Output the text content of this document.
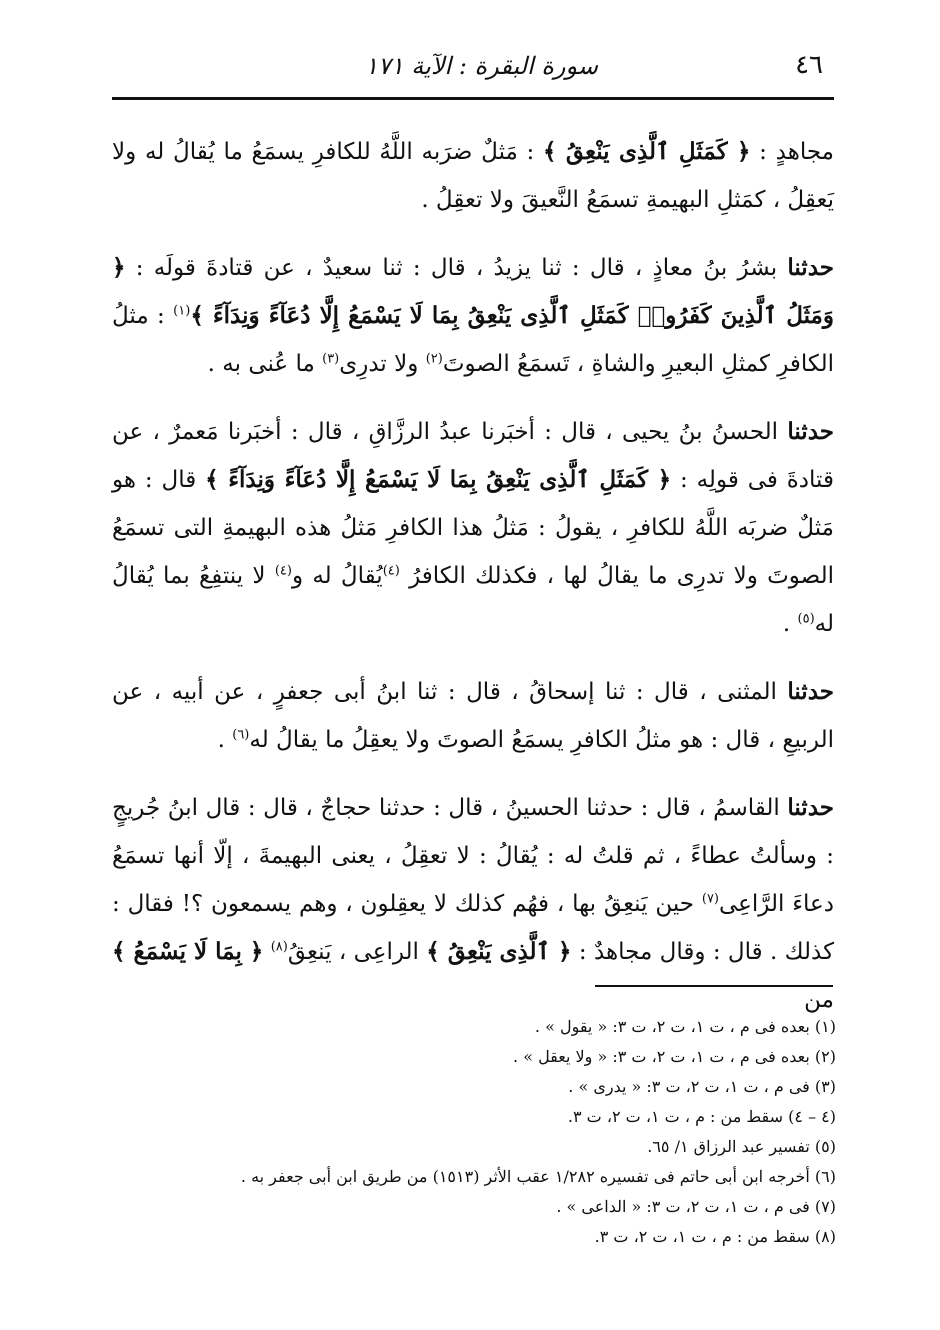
٤٦
سورة البقرة : الآية ١٧١

مجاهدٍ : ﴿ كَمَثَلِ ٱلَّذِى يَنْعِقُ ﴾ : مَثلٌ ضرَبه اللَّهُ للكافرِ يسمَعُ ما يُقالُ له ولا يَعقِلُ ، كمَثلِ البهيمةِ تسمَعُ النَّعيقَ ولا تعقِلُ .

حدثنا بشرُ بنُ معاذٍ ، قال : ثنا يزيدُ ، قال : ثنا سعيدٌ ، عن قتادةَ قولَه : ﴿ وَمَثَلُ ٱلَّذِينَ كَفَرُوا۟ كَمَثَلِ ٱلَّذِى يَنْعِقُ بِمَا لَا يَسْمَعُ إِلَّا دُعَآءً وَنِدَآءً ﴾$^{(١)}$ : مثلُ الكافرِ كمثلِ البعيرِ والشاةِ ، تَسمَعُ الصوتَ$^{(٢)}$ ولا تدرِى$^{(٣)}$ ما عُنى به .

حدثنا الحسنُ بنُ يحيى ، قال : أخبَرنا عبدُ الرزَّاقِ ، قال : أخبَرنا مَعمرٌ ، عن قتادةَ فى قولِه : ﴿ كَمَثَلِ ٱلَّذِى يَنْعِقُ بِمَا لَا يَسْمَعُ إِلَّا دُعَآءً وَنِدَآءً ﴾ قال : هو مَثلٌ ضربَه اللَّهُ للكافرِ ، يقولُ : مَثلُ هذا الكافرِ مَثلُ هذه البهيمةِ التى تسمَعُ الصوتَ ولا تدرِى ما يقالُ لها ، فكذلك الكافرُ $^{(٤)}$يُقالُ له و$^{(٤)}$ لا ينتفِعُ بما يُقالُ له$^{(٥)}$ .

حدثنا المثنى ، قال : ثنا إسحاقُ ، قال : ثنا ابنُ أبى جعفرٍ ، عن أبيه ، عن الربيعِ ، قال : هو مثلُ الكافرِ يسمَعُ الصوتَ ولا يعقِلُ ما يقالُ له$^{(٦)}$ .

حدثنا القاسمُ ، قال : حدثنا الحسينُ ، قال : حدثنا حجاجٌ ، قال : قال ابنُ جُريجٍ : وسألتُ عطاءً ، ثم قلتُ له : يُقالُ : لا تعقِلُ ، يعنى البهيمةَ ، إلّا أنها تسمَعُ دعاءَ الرَّاعِى$^{(٧)}$ حين يَنعِقُ بها ، فهُم كذلك لا يعقِلون ، وهم يسمعون ؟! فقال : كذلك . قال : وقال مجاهدٌ : ﴿ ٱلَّذِى يَنْعِقُ ﴾ الراعِى ، يَنعِقُ$^{(٨)}$ ﴿ بِمَا لَا يَسْمَعُ ﴾ من

(١) بعده فى م ، ت ١، ت ٢، ت ٣: « يقول » .
(٢) بعده فى م ، ت ١، ت ٢، ت ٣: « ولا يعقل » .
(٣) فى م ، ت ١، ت ٢، ت ٣: « يدرى » .
(٤ – ٤) سقط من : م ، ت ١، ت ٢، ت ٣.
(٥) تفسير عبد الرزاق ١/ ٦٥.
(٦) أخرجه ابن أبى حاتم فى تفسيره ١/٢٨٢ عقب الأثر (١٥١٣) من طريق ابن أبى جعفر به .
(٧) فى م ، ت ١، ت ٢، ت ٣: « الداعى » .
(٨) سقط من : م ، ت ١، ت ٢، ت ٣.
